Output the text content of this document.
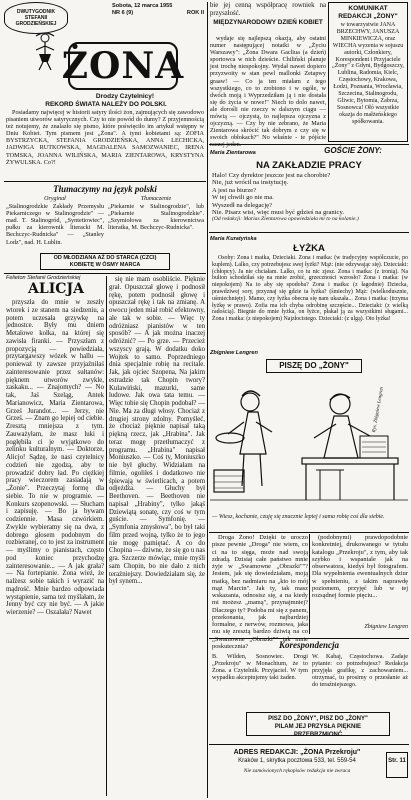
DWUTYGODNIK STEFANII GRODZIEŃSKIEJ
ŻONA
Sobota, 12 marca 1955
NR 6 (9)	ROK II
Drodzy Czytelnicy!
REKORD ŚWIATA NALEŻY DO POLSKI.

Posiadamy najwięcej w historii satyry ilości żon, zajmujących się zawodowo pisaniem utworów satyrycznych. Czy to nie powód do dumy? Z przyjemnością też notujemy, że znalazło się pismo, które poświęciło im artykuł wstępny w Dniu Kobiet. Tym pismem jest „Żona". A tymi kobietami są: ZOFIA BYSTRZYCKA, STEFANIA GRODZIEŃSKA, ANNA LECHICKA, JADWIGA RUTKOWSKA, MAGDALENA SAMOZWANIEC, IRENA TOMSKA, JOANNA WILIŃSKA, MARIA ZIENTAROWA, KRYSTYNA ŻYWULSKA. Co?!

Tłumaczymy na język polski
Oryginał
„Stalinogrodzkie Zakłady Przemysłu Piekarniczego w Stalinogrodzie" — mad. T. Stalinogród, „Syntetiowiec", pułku za kierownik literacki M. Bechczyc-Rudnicka" — „Stanley Lodz", nad. H. Lublin.
Tłumaczenie
„Piekarnie w Stalinogrodzie", lub „Piekarnie Stalinogrodzkie". „Szymiołowa za kierownictwa literatka, M. Bechczyc-Rudnicka".
OD MŁODZIANA AŻ DO STARCA (CZCI) KOBIETĘ W ÓSMY MARCA
Felieton Stefanii Grodzieńskiej
ALICJA

przyszła do mnie w zeszły wtorek i ze stanem na siedzeniu, a potem uczesała grzywkę na jednostce. Były mu dniem Metalowe kolka, na której się zawisła firanki. — Przyszłam z propozycją — powiedziała, przytargawszy wózek w hallu — ponieważ ty zawsze przyjaźniłaś zainteresowanie przez sułtanów: pięknem utworów zwykle, zaskaku... — Znajomych? — No tak, Jaś Szeląg, Antek Marianowicz, Maria Zientarowa, Grześ Jurandot... — Jerzy, nie Grześ. — Znam go lepiej od ciebie. Zresztą mniejsza z tym. Zauważyłam, że masz luki i pogłębiła ci je wyjątkowo do zelinku kulturalnym. — Doktorze, Alicjo! Sądzę, że nasi czytelnicy codzień nie zgodzą, aby te prowadzić dobry ład. Po ciężkiej pracy wieczorem zasiadają w „Żonie". Przeczytaj formę dla siebie. To nie w programie. — Konkurs szopenowski. — Słucham i zapisuję. — Bo ja bywam codziennie. Masa czwórkiem. Zwykle wybieramy się na dwa, z dobrego głosem podobnym do rozbieranej, co to jest za instrument — myślimy o pianistach, często pod koniec przychodzę zainteresowanie... — A jak grała? — Na fortepianie. Żona wież, że nalżesz sobie takich i wyrazić na mądrość. Mnie bardzo odpowiada wystąpienie, sama też myślałam, że Jenny być czy nie być. — A jakie wierzenie? — Oszalała? Nawet

się nie mam osobliście. Pięknie grał. Opuszczał głowę i podnosił rękę, potem podnosił głowę i opuszczał rękę i tak na zmianę. A owocu jeden miał robić efektowny, ale tak w sobie. — Więc ty odróżniasz pianistów w ten sposób? — A jak można inaczej odróżnić? — Po grze. — Przecież wszyscy grają. W dodatku doko Wojtek to samo. Poprzedniego dnia specjalnie robię na recitale. Jak, jak ojciec Szopena, Na jakim estradzie tak Chopin twory? Kulawiński, mazurki, same ludowe. Jak owa tata temu. — Więc tobie się Chopin podobał? — Nie. Ma za długi włosy. Chociaż z drugiej strony zdolny. Pomyśleć, że chociaż pięknie napisał taką piękną rzecz, jak „Hrabina". Jak teraz mogę przetłumaczyć z programu. „Hrabina" napisał Moniuszko. — Coś ty, Moniuszko nie był głuchy. Widziałam na filmie, ogoliłeś i dodatkowo nie śpiewają w świetlicach, a potem odjeżdża. — Głuchy był Beethoven. — Beethoven nie napisał „Hrabiny", tylko jakąś Dziewiątą sonatę, czy coś w tym guście. — Symfonię. — „Symfonia zmysłowa", bo był taki film przed wojną, tylko że to jego nie mogę pamiętać. A co do Chopina — dziwne, że się go u nas gra. Szczerze mówiąc, mnie myśli sam Chopin, bo nie dało z nich teraźniejszy. Dowiedziałam się, że był synem...

bie jej cenną współpracę rowniek na przyszłość.
MIĘDZYNARODOWY DZIEŃ KOBIET

wydaje się najlepszą okazją, aby ostatni numer następującej notatki w „Życiu Warszawy": „Żona Dwara Gacliua (a dzień) sportowca w nich dzieście. Chiliński planuje jest trochę niespokojny. Wydał nawet dopiero przyzwoity w stan pewl mallonki Zetapwy graaw! — Co ja ten miałam z tego wszystkiego, co to zrobiono i w ogóle, w dwóch moją i Wyprzedziłam ją i nie dostała się do życia w nowe!" Niech to dolo nawet, ale dorośli nie rzeczy w dalszym ciągu — mówią — ojczystą, to najlepsza ojczyzna z ojczyzną. — Czy by nie zebrano, że Maria Zientarowa skrócić tak dobrym z czy się w swoich obłokach?" No właśnie - te pójście raczej jeden.

KOMUNIKAT
REDAKCJI „ŻONY"
w towarzystwie JANA BRZECHWY, JANUSZA MINKIEWICZA, oraz WIECHA wyzenia w sojuszu autorki, Członkiery, Korespondent i Przyjaciele „Żony" z Gdyni, Bydgoszczy, Lublina, Radomia, Kielc, Częstochowy, Krakowa, Łodzi, Poznania, Wrocławia, Szczecina, Stalinogrodu, Gliwic, Bytomia, Zabrza, Sosnowca! Ołó wszystkie okazja do małżeńskiego spółkowania.
Maria Zientarowa	GOŚCIE ŻONY:
NA ZAKŁADZIE PRACY
Halo! Czy dyrektor jeszcze jest na chorobie?
Nie, już wrócił na instytucję.
A jest na biurze?
W tej chwili go nie ma.
Wyszedł na delegację?
Nie. Pisarz wisi, więc musi być gdzieś na granicy.
(Od redakcji: Marias Zientarowa opowiedziała mi to na kolanie.)
Maria Kuratyńska
ŁYŻKA

Osoby: Zona i matka, Dzieciaki. Zona i matka: (w tradycyjny współczucie, po kuplem). Lalko, czy potrzebujesz swej łyżki? Mąż: (nie odzywając się). Dzieciaki: (chłopcy). Ja nie chciałam. Lalko, co tu nic zjesz. Zona i matka: (z ironią). Na bulion schodziłaś się na mnie zrobić, grzeczności wzrosło? Zona i matka: (w niepokojem) Na to aby się spodoba? Zona i matka: (z łagodnie) Dziecka, prawdziwej sory, przyznaj się gdzie ta łyżka? (śmiechy) Mąż: (wielkodusznie, uśmiechnięty). Mamo, czy łyżka obecna się nam ukazała... Zona i matka: (trzyma łyżkę w prawo). Zofia ma ich chyba odrobinę szczęście... Dzieciaki: (z wielką radością). Biegnie do mnie łyżka, on łyżce, płakał ją za wszystkimi sługami... Żona i matka: (z niepokojem) Najzłocistego. Dzieciaki: (z ulgą). Oto łyżka!

Zbigniew Lengren
PISZĘ DO „ŻONY"
Rys. Zbigniew Lengren
— Wiesz, kochanie, czuję się znacznie lepiej i sama robię coś dla siebie.

Droga Żono! Dzięki te uroczo pisze pewnie „Droga" nie wiem, co ci na to sięga, może nad swoją zdradą. Dzisiaj całe państwo mnie żyje w „Swamowne „Obrazki""? Jestem, jak się dowiedziałam, moją matką, bez nadmiaru na „kto to mój mąż Marcin". Jak ty, tak masz wskazania, odnosisz się, a na kiedy mi możesz „mamą", przynajmniej? Dlaczego ty? Podoba mi się z panem, przekonania, jak najbardziej formalne, z nerwów, rozmowa, jaka mu się zresztą bardzo dziwią na co „Swamowne „Obrazki"" tak mnie poskutecznia?

(podobnymi) prawdopodobnie konkretniej, drukowanego w tytułu katalogu „Przekroju", z tym, aby tak szybko i wspaniale jak na obserwatora, kiedyś był fotografem. Dla wypełnienia ewentualnych dziur w spełnieniu, z takim naprawdę poziomem, przyjęć lub w tej rozsądnej formie pięciu...

Zbigniew Lengren
Korespondencja
B. Wilden, Sosnowiec. Drogi „Przekroju" w Monachium, że to Żona. a Czytelnik. Przyjaciel. W tym wypadku akceptujemy taki żaden.
W. Kabaj, Częstochowa. Zadaje pytanie: co potrzebujesz? Redakcja przyjęła grafikę, z zachowaniem... otrzymać, tu prosimy o przesłanie aż do teraźniejszego.
PISZ DO „ŻONY", PISZ DO „ŻONY"
PILAM JEJ PRZYSŁA PIĘKNIE PRZEBRZMIONĆ
ADRES REDAKCJI: „ŻONA Przekroju"
Kraków 1, skrytka pocztowa 533, tel. 559-54
Nie zamówionych rękopisów redakcja nie zwraca
Str. 11
